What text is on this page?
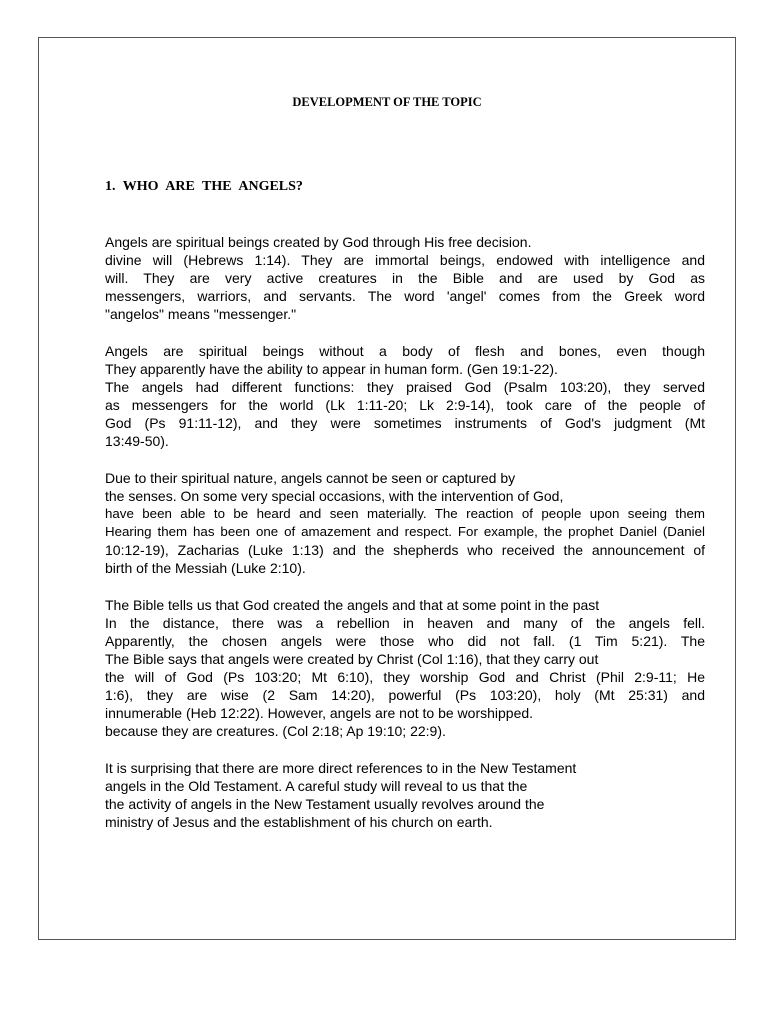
DEVELOPMENT OF THE TOPIC
1. WHO ARE THE ANGELS?
Angels are spiritual beings created by God through His free decision.
divine will (Hebrews 1:14). They are immortal beings, endowed with intelligence and
will. They are very active creatures in the Bible and are used by God as
messengers, warriors, and servants. The word 'angel' comes from the Greek word
"angelos" means "messenger."
Angels are spiritual beings without a body of flesh and bones, even though
They apparently have the ability to appear in human form. (Gen 19:1-22).
The angels had different functions: they praised God (Psalm 103:20), they served
as messengers for the world (Lk 1:11-20; Lk 2:9-14), took care of the people of
God (Ps 91:11-12), and they were sometimes instruments of God's judgment (Mt
13:49-50).
Due to their spiritual nature, angels cannot be seen or captured by
the senses. On some very special occasions, with the intervention of God,
have been able to be heard and seen materially. The reaction of people upon seeing them
Hearing them has been one of amazement and respect. For example, the prophet Daniel (Daniel
10:12-19), Zacharias (Luke 1:13) and the shepherds who received the announcement of
birth of the Messiah (Luke 2:10).
The Bible tells us that God created the angels and that at some point in the past
In the distance, there was a rebellion in heaven and many of the angels fell.
Apparently, the chosen angels were those who did not fall. (1 Tim 5:21). The
The Bible says that angels were created by Christ (Col 1:16), that they carry out
the will of God (Ps 103:20; Mt 6:10), they worship God and Christ (Phil 2:9-11; He
1:6), they are wise (2 Sam 14:20), powerful (Ps 103:20), holy (Mt 25:31) and
innumerable (Heb 12:22). However, angels are not to be worshipped.
because they are creatures. (Col 2:18; Ap 19:10; 22:9).
It is surprising that there are more direct references to in the New Testament
angels in the Old Testament. A careful study will reveal to us that the
the activity of angels in the New Testament usually revolves around the
ministry of Jesus and the establishment of his church on earth.
